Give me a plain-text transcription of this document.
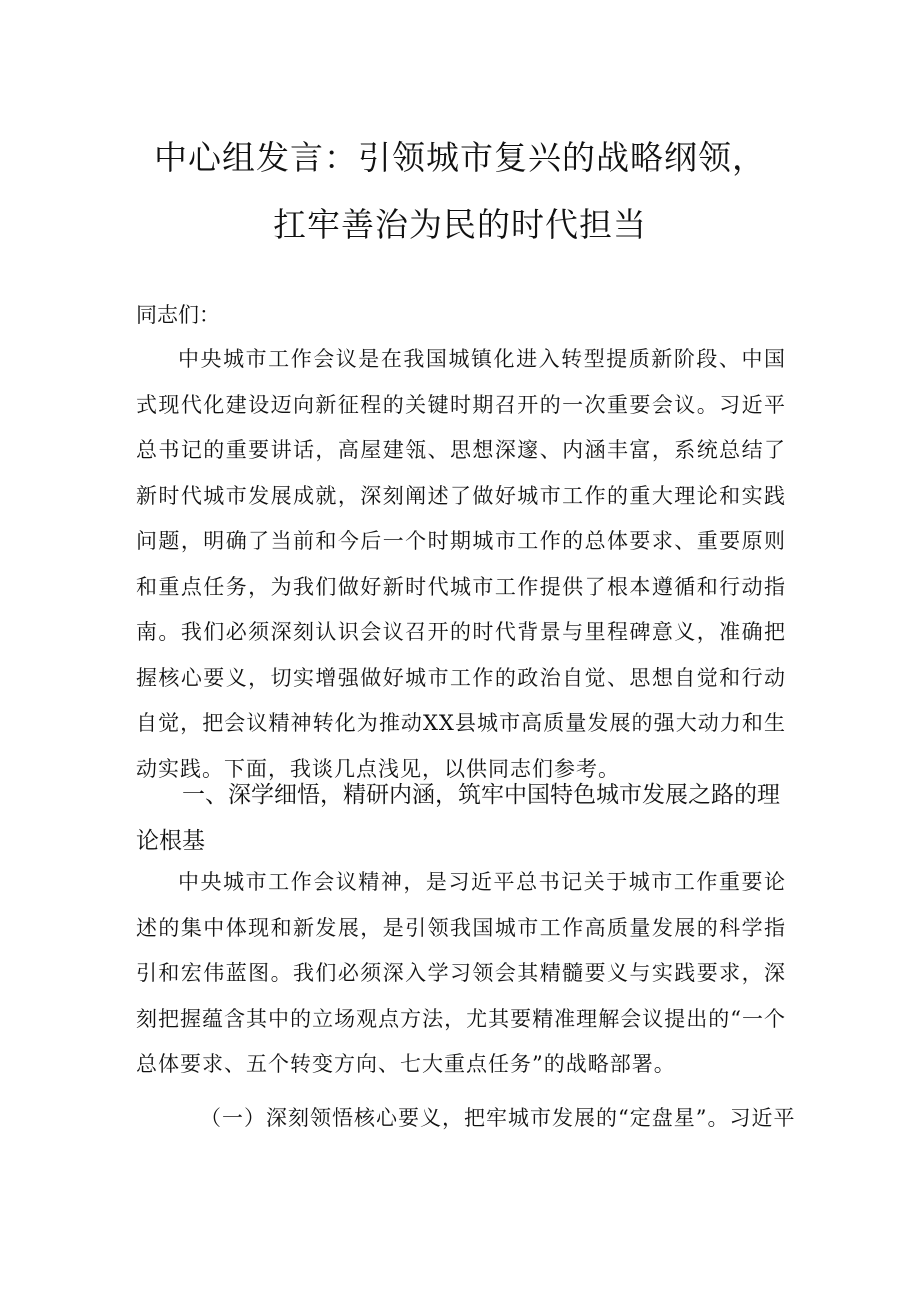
中心组发言：引领城市复兴的战略纲领，
扛牢善治为民的时代担当
同志们：
中央城市工作会议是在我国城镇化进入转型提质新阶段、中国式现代化建设迈向新征程的关键时期召开的一次重要会议。习近平总书记的重要讲话，高屋建瓴、思想深邃、内涵丰富，系统总结了新时代城市发展成就，深刻阐述了做好城市工作的重大理论和实践问题，明确了当前和今后一个时期城市工作的总体要求、重要原则和重点任务，为我们做好新时代城市工作提供了根本遵循和行动指南。我们必须深刻认识会议召开的时代背景与里程碑意义，准确把握核心要义，切实增强做好城市工作的政治自觉、思想自觉和行动自觉，把会议精神转化为推动XX县城市高质量发展的强大动力和生动实践。下面，我谈几点浅见，以供同志们参考。
一、深学细悟，精研内涵，筑牢中国特色城市发展之路的理论根基
中央城市工作会议精神，是习近平总书记关于城市工作重要论述的集中体现和新发展，是引领我国城市工作高质量发展的科学指引和宏伟蓝图。我们必须深入学习领会其精髓要义与实践要求，深刻把握蕴含其中的立场观点方法，尤其要精准理解会议提出的“一个总体要求、五个转变方向、七大重点任务”的战略部署。
（一）深刻领悟核心要义，把牢城市发展的“定盘星”。习近平
